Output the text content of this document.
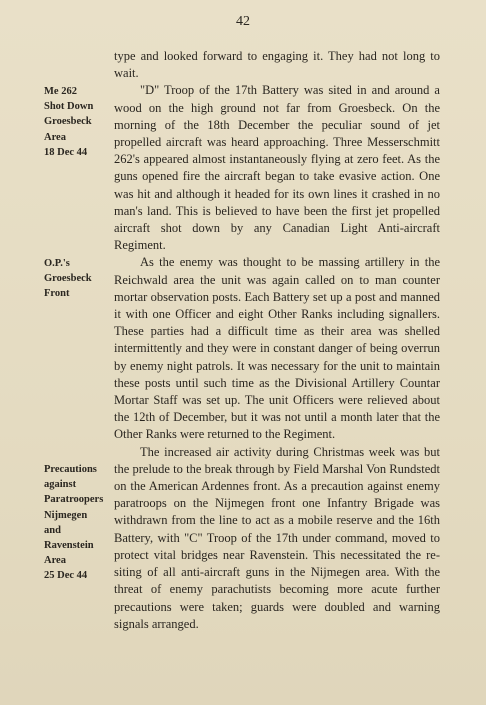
42
Me 262
Shot Down
Groesbeck
Area
18 Dec 44
O.P.'s
Groesbeck
Front
Precautions
against
Paratroopers
Nijmegen
and
Ravenstein
Area
25 Dec 44

type and looked forward to engaging it. They had not long to wait.

"D" Troop of the 17th Battery was sited in and around a wood on the high ground not far from Groesbeck. On the morning of the 18th December the peculiar sound of jet propelled aircraft was heard approaching. Three Messerschmitt 262's appeared almost instantaneously flying at zero feet. As the guns opened fire the aircraft began to take evasive action. One was hit and although it headed for its own lines it crashed in no man's land. This is believed to have been the first jet propelled aircraft shot down by any Canadian Light Anti-aircraft Regiment.

As the enemy was thought to be massing artillery in the Reichwald area the unit was again called on to man counter mortar observation posts. Each Battery set up a post and manned it with one Officer and eight Other Ranks including signallers. These parties had a difficult time as their area was shelled intermittently and they were in constant danger of being overrun by enemy night patrols. It was necessary for the unit to maintain these posts until such time as the Divisional Artillery Countar Mortar Staff was set up. The unit Officers were relieved about the 12th of December, but it was not until a month later that the Other Ranks were returned to the Regiment.

The increased air activity during Christmas week was but the prelude to the break through by Field Marshal Von Rundstedt on the American Ardennes front. As a precaution against enemy paratroops on the Nijmegen front one Infantry Brigade was withdrawn from the line to act as a mobile reserve and the 16th Battery, with "C" Troop of the 17th under command, moved to protect vital bridges near Ravenstein. This necessitated the re-siting of all anti-aircraft guns in the Nijmegen area. With the threat of enemy parachutists becoming more acute further precautions were taken; guards were doubled and warning signals arranged.
